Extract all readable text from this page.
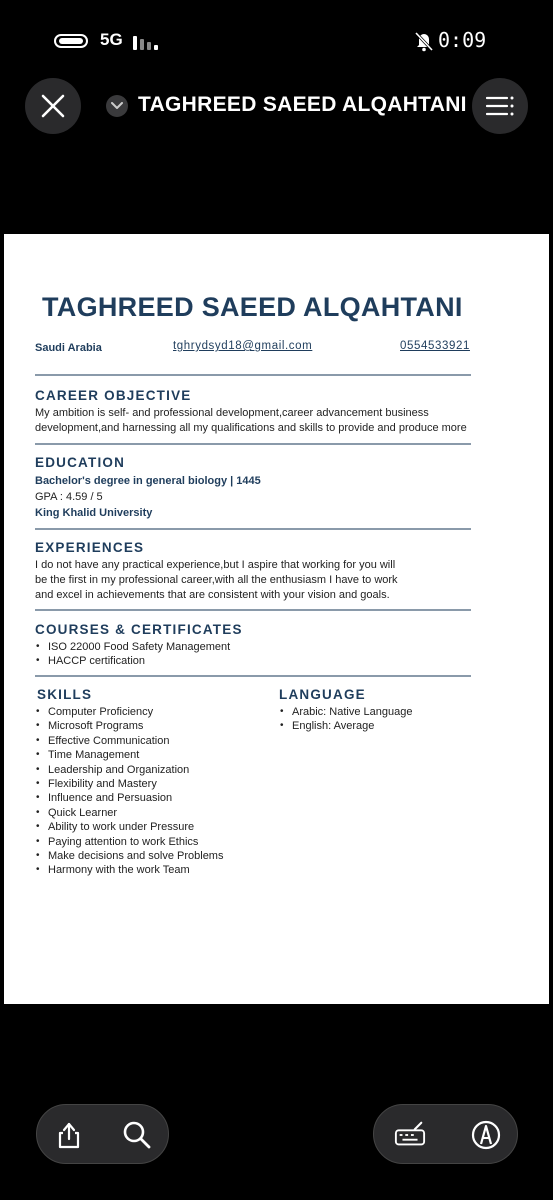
5G	0:09
TAGHREED SAEED ALQAHTANI
TAGHREED SAEED ALQAHTANI
Saudi Arabia	tghrydsyd18@gmail.com	0554533921
CAREER OBJECTIVE
My ambition is self- and professional development,career advancement business
development,and harnessing all my qualifications and skills to provide and produce more
EDUCATION
Bachelor's degree in general biology | 1445
GPA : 4.59 / 5
King Khalid University
EXPERIENCES
I do not have any practical experience,but I aspire that working for you will
be the first in my professional career,with all the enthusiasm I have to work
and excel in achievements that are consistent with your vision and goals.
COURSES & CERTIFICATES
• ISO 22000 Food Safety Management
• HACCP certification
SKILLS
• Computer Proficiency
• Microsoft Programs
• Effective Communication
• Time Management
• Leadership and Organization
• Flexibility and Mastery
• Influence and Persuasion
• Quick Learner
• Ability to work under Pressure
• Paying attention to work Ethics
• Make decisions and solve Problems
• Harmony with the work Team
LANGUAGE
• Arabic: Native Language
• English: Average
